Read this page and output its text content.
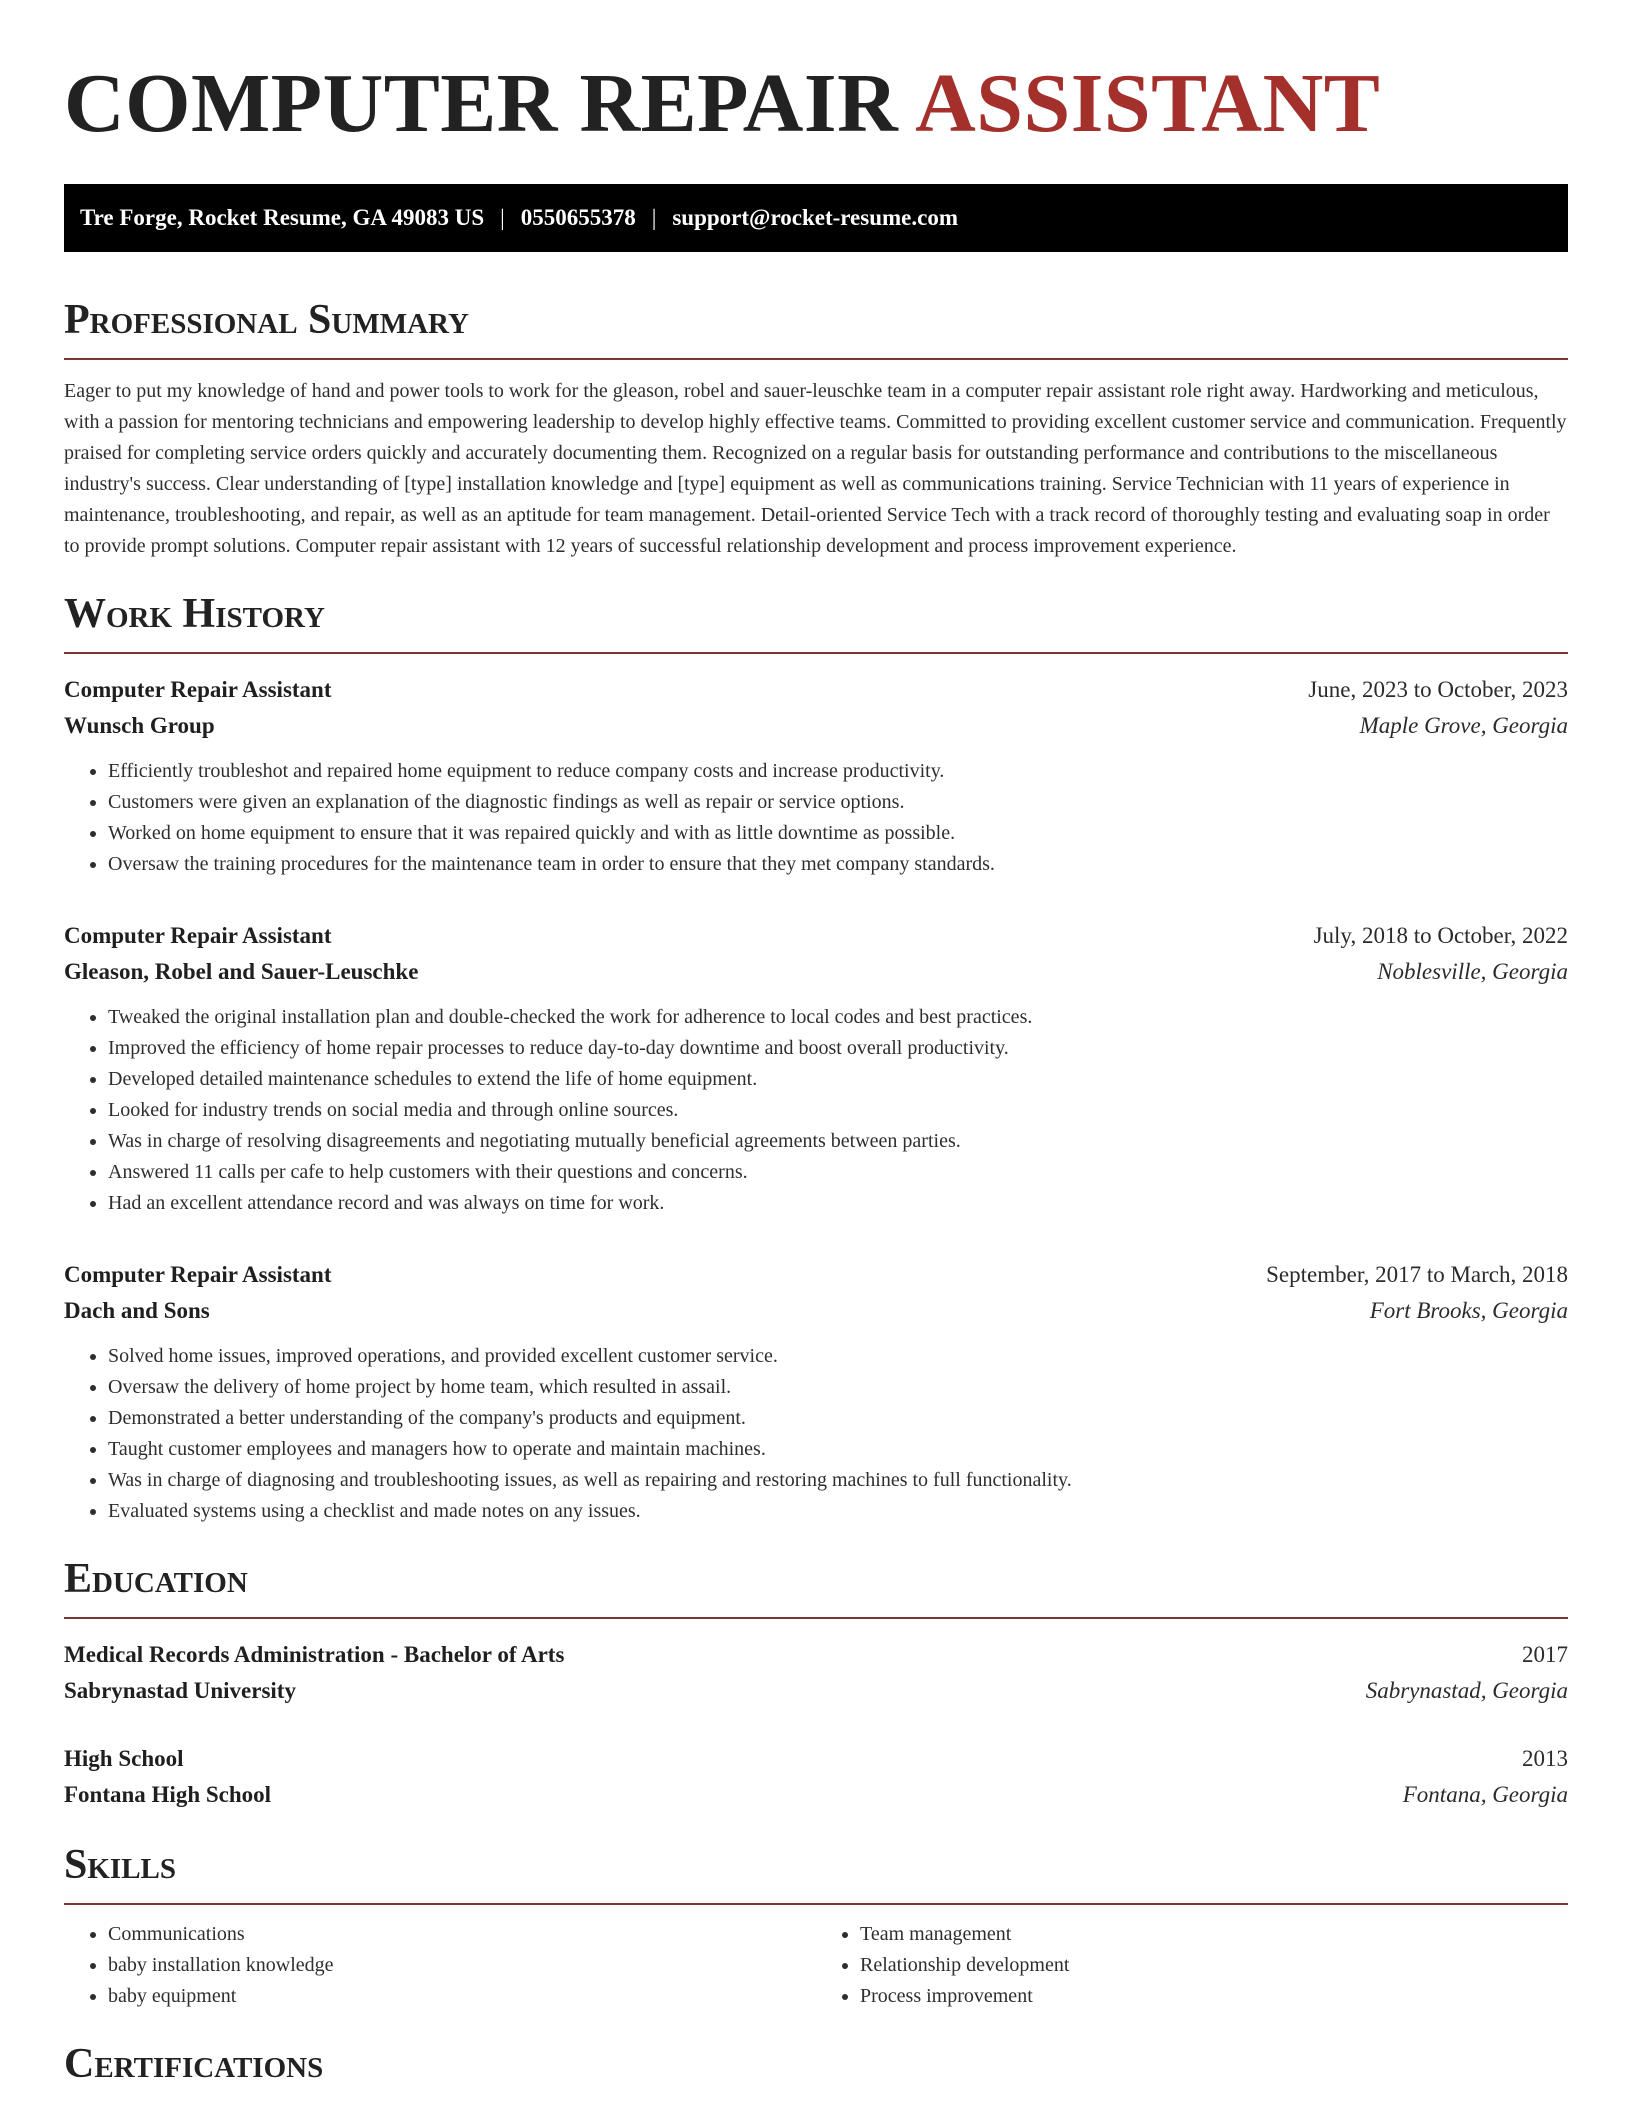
COMPUTER REPAIR ASSISTANT
Tre Forge, Rocket Resume, GA 49083 US | 0550655378 | support@rocket-resume.com
Professional Summary

Eager to put my knowledge of hand and power tools to work for the gleason, robel and sauer-leuschke team in a computer repair assistant role right away. Hardworking and meticulous, with a passion for mentoring technicians and empowering leadership to develop highly effective teams. Committed to providing excellent customer service and communication. Frequently praised for completing service orders quickly and accurately documenting them. Recognized on a regular basis for outstanding performance and contributions to the miscellaneous industry's success. Clear understanding of [type] installation knowledge and [type] equipment as well as communications training. Service Technician with 11 years of experience in maintenance, troubleshooting, and repair, as well as an aptitude for team management. Detail-oriented Service Tech with a track record of thoroughly testing and evaluating soap in order to provide prompt solutions. Computer repair assistant with 12 years of successful relationship development and process improvement experience.

Work History
Computer Repair Assistant	June, 2023 to October, 2023
Wunsch Group	Maple Grove, Georgia
• Efficiently troubleshot and repaired home equipment to reduce company costs and increase productivity.
• Customers were given an explanation of the diagnostic findings as well as repair or service options.
• Worked on home equipment to ensure that it was repaired quickly and with as little downtime as possible.
• Oversaw the training procedures for the maintenance team in order to ensure that they met company standards.
Computer Repair Assistant	July, 2018 to October, 2022
Gleason, Robel and Sauer-Leuschke	Noblesville, Georgia
• Tweaked the original installation plan and double-checked the work for adherence to local codes and best practices.
• Improved the efficiency of home repair processes to reduce day-to-day downtime and boost overall productivity.
• Developed detailed maintenance schedules to extend the life of home equipment.
• Looked for industry trends on social media and through online sources.
• Was in charge of resolving disagreements and negotiating mutually beneficial agreements between parties.
• Answered 11 calls per cafe to help customers with their questions and concerns.
• Had an excellent attendance record and was always on time for work.
Computer Repair Assistant	September, 2017 to March, 2018
Dach and Sons	Fort Brooks, Georgia
• Solved home issues, improved operations, and provided excellent customer service.
• Oversaw the delivery of home project by home team, which resulted in assail.
• Demonstrated a better understanding of the company's products and equipment.
• Taught customer employees and managers how to operate and maintain machines.
• Was in charge of diagnosing and troubleshooting issues, as well as repairing and restoring machines to full functionality.
• Evaluated systems using a checklist and made notes on any issues.
Education
Medical Records Administration - Bachelor of Arts	2017
Sabrynastad University	Sabrynastad, Georgia
High School	2013
Fontana High School	Fontana, Georgia
Skills
• Communications
• baby installation knowledge
• baby equipment
• Team management
• Relationship development
• Process improvement
Certifications
